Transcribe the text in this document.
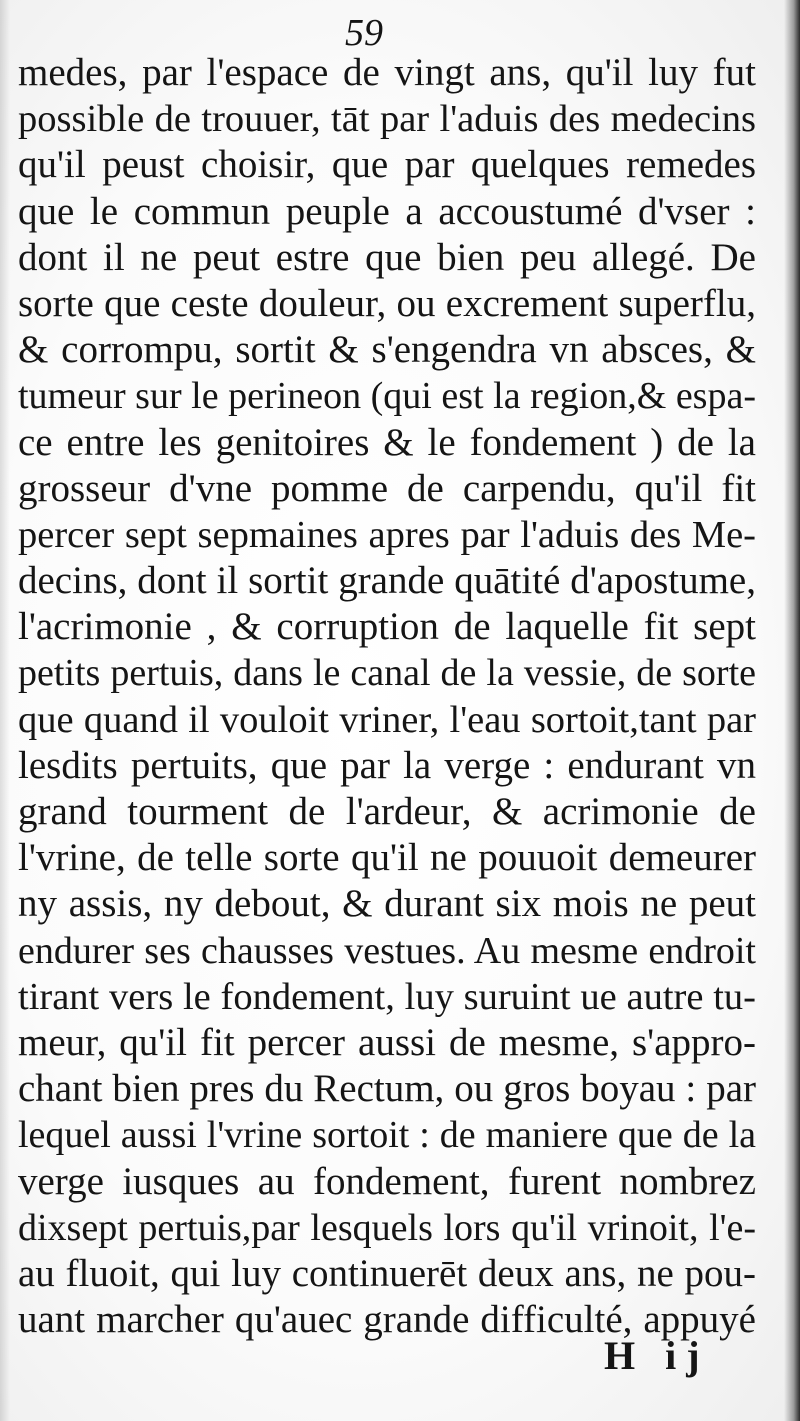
59
medes, par l'espace de vingt ans, qu'il luy fut
possible de trouuer, tāt par l'aduis des medecins
qu'il peust choisir, que par quelques remedes
que le commun peuple a accoustumé d'vser :
dont il ne peut estre que bien peu allegé. De
sorte que ceste douleur, ou excrement superflu,
& corrompu, sortit & s'engendra vn absces, &
tumeur sur le perineon (qui est la region,& espa-
ce entre les genitoires & le fondement ) de la
grosseur d'vne pomme de carpendu, qu'il fit
percer sept sepmaines apres par l'aduis des Me-
decins, dont il sortit grande quātité d'apostume,
l'acrimonie , & corruption de laquelle fit sept
petits pertuis, dans le canal de la vessie, de sorte
que quand il vouloit vriner, l'eau sortoit,tant par
lesdits pertuits, que par la verge : endurant vn
grand tourment de l'ardeur, & acrimonie de
l'vrine, de telle sorte qu'il ne pouuoit demeurer
ny assis, ny debout, & durant six mois ne peut
endurer ses chausses vestues. Au mesme endroit
tirant vers le fondement, luy suruint ue autre tu-
meur, qu'il fit percer aussi de mesme, s'appro-
chant bien pres du Rectum, ou gros boyau : par
lequel aussi l'vrine sortoit : de maniere que de la
verge iusques au fondement, furent nombrez
dixsept pertuis,par lesquels lors qu'il vrinoit, l'e-
au fluoit, qui luy continuerēt deux ans, ne pou-
uant marcher qu'auec grande difficulté, appuyé
H ij
